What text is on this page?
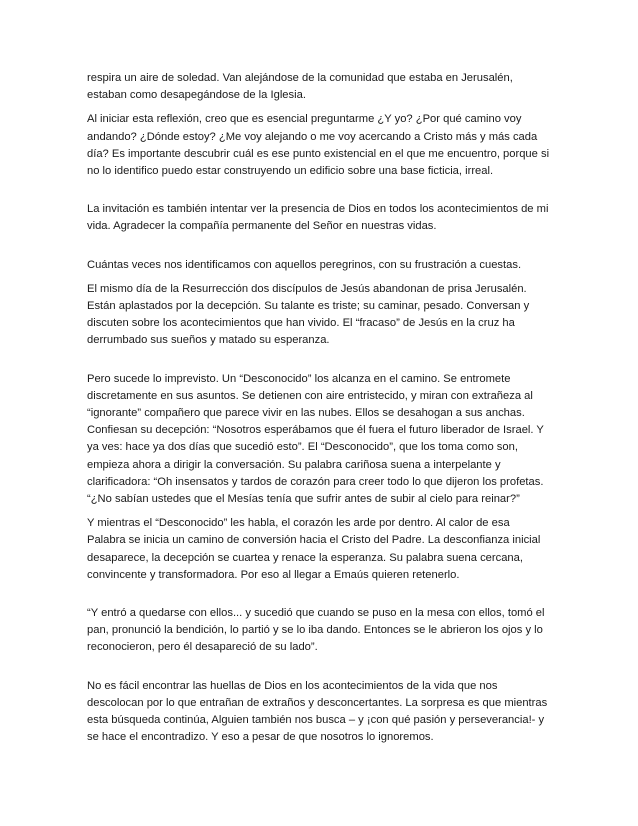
respira un aire de soledad. Van alejándose de la comunidad que estaba en Jerusalén, estaban como desapegándose de la Iglesia.

Al iniciar esta reflexión, creo que es esencial preguntarme ¿Y yo? ¿Por qué camino voy andando? ¿Dónde estoy? ¿Me voy alejando o me voy acercando a Cristo más y más cada día? Es importante descubrir cuál es ese punto existencial en el que me encuentro, porque si no lo identifico puedo estar construyendo un edificio sobre una base ficticia, irreal.

La invitación es también intentar ver la presencia de Dios en todos los acontecimientos de mi vida. Agradecer la compañía permanente del Señor en nuestras vidas.

Cuántas veces nos identificamos con aquellos peregrinos, con su frustración a cuestas.

El mismo día de la Resurrección dos discípulos de Jesús abandonan de prisa Jerusalén. Están aplastados por la decepción. Su talante es triste; su caminar, pesado. Conversan y discuten sobre los acontecimientos que han vivido. El “fracaso” de Jesús en la cruz ha derrumbado sus sueños y matado su esperanza.

Pero sucede lo imprevisto. Un “Desconocido” los alcanza en el camino. Se entromete discretamente en sus asuntos. Se detienen con aire entristecido, y miran con extrañeza al “ignorante” compañero que parece vivir en las nubes. Ellos se desahogan a sus anchas. Confiesan su decepción: “Nosotros esperábamos que él fuera el futuro liberador de Israel. Y ya ves: hace ya dos días que sucedió esto”. El “Desconocido”, que los toma como son, empieza ahora a dirigir la conversación. Su palabra cariñosa suena a interpelante y clarificadora: “Oh insensatos y tardos de corazón para creer todo lo que dijeron los profetas. “¿No sabían ustedes que el Mesías tenía que sufrir antes de subir al cielo para reinar?”

Y mientras el “Desconocido” les habla, el corazón les arde por dentro. Al calor de esa Palabra se inicia un camino de conversión hacia el Cristo del Padre. La desconfianza inicial desaparece, la decepción se cuartea y renace la esperanza. Su palabra suena cercana, convincente y transformadora. Por eso al llegar a Emaús quieren retenerlo.

“Y entró a quedarse con ellos... y sucedió que cuando se puso en la mesa con ellos, tomó el pan, pronunció la bendición, lo partió y se lo iba dando. Entonces se le abrieron los ojos y lo reconocieron, pero él desapareció de su lado”.

No es fácil encontrar las huellas de Dios en los acontecimientos de la vida que nos descolocan por lo que entrañan de extraños y desconcertantes. La sorpresa es que mientras esta búsqueda continúa, Alguien también nos busca – y ¡con qué pasión y perseverancia!- y se hace el encontradizo. Y eso a pesar de que nosotros lo ignoremos.
